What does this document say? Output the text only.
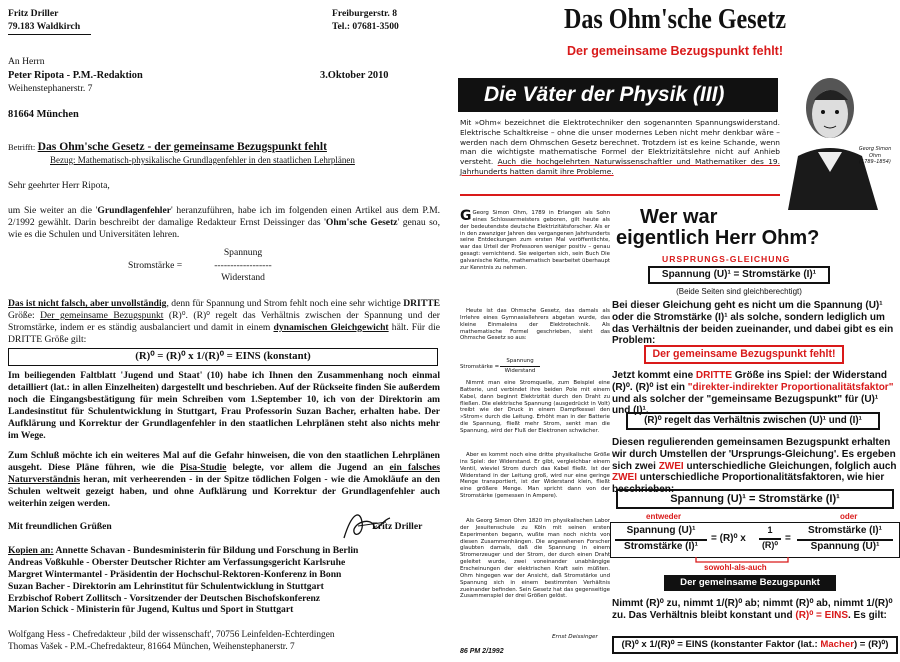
Fritz Driller
79.183 Waldkirch
Freiburgerstr. 8
Tel.: 07681-3500
An Herrn
Peter Ripota - P.M.-Redaktion	3.Oktober 2010
Weihenstephanerstr. 7
81664 München
Betrifft: Das Ohm'sche Gesetz - der gemeinsame Bezugspunkt fehlt
Bezug: Mathematisch-physikalische Grundlagenfehler in den staatlichen Lehrplänen
Sehr geehrter Herr Ripota,

um Sie weiter an die 'Grundlagenfehler' heranzuführen, habe ich im folgenden einen Artikel aus dem P.M. 2/1992 gewählt. Darin beschreibt der damalige Redakteur Ernst Deissinger das 'Ohm'sche Gesetz' genau so, wie es die Schulen und Universitäten lehren.

Stromstärke =
Spannung
------------------
Widerstand

Das ist nicht falsch, aber unvollständig, denn für Spannung und Strom fehlt noch eine sehr wichtige DRITTE Größe: Der gemeinsame Bezugspunkt (R)⁰. (R)⁰ regelt das Verhältnis zwischen der Spannung und der Stromstärke, indem er es ständig ausbalanciert und damit in einem dynamischen Gleichgewicht hält. Für die DRITTE Größe gilt:

(R)⁰ = (R)⁰ x 1/(R)⁰ = EINS (konstant)

Im beiliegenden Faltblatt 'Jugend und Staat' (10) habe ich Ihnen den Zusammenhang noch einmal detailliert (lat.: in allen Einzelheiten) dargestellt und beschrieben. Auf der Rückseite finden Sie außerdem noch die Eingangsbestätigung für mein Schreiben vom 1.September 10, ich von der Direktorin am Landesinstitut für Schulentwicklung in Stuttgart, Frau Professorin Suzan Bacher, erhalten habe. Der Aufklärung und Korrektur der Grundlagenfehler in den staatlichen Lehrplänen steht also nichts mehr im Wege.

Zum Schluß möchte ich ein weiteres Mal auf die Gefahr hinweisen, die von den staatlichen Lehrplänen ausgeht. Diese Pläne führen, wie die Pisa-Studie belegte, vor allem die Jugend an ein falsches Naturverständnis heran, mit verheerenden - in der Spitze tödlichen Folgen - wie die Amokläufe an den Schulen weltweit gezeigt haben, und ohne Aufklärung und Korrektur der Grundlagenfehler auch weiterhin zeigen werden.

Mit freundlichen Grüßen	Fritz Driller
Kopien an: Annette Schavan - Bundesministerin für Bildung und Forschung in Berlin
Andreas Voßkuhle - Oberster Deutscher Richter am Verfassungsgericht Karlsruhe
Margret Wintermantel - Präsidentin der Hochschul-Rektoren-Konferenz in Bonn
Suzan Bacher - Direktorin am Lehrinstitut für Schulentwicklung in Stuttgart
Erzbischof Robert Zollitsch - Vorsitzender der Deutschen Bischofskonferenz
Marion Schick - Ministerin für Jugend, Kultus und Sport in Stuttgart
Wolfgang Hess - Chefredakteur ‚bild der wissenschaft', 70756 Leinfelden-Echterdingen
Thomas Vašek - P.M.-Chefredakteur, 81664 München, Weihenstephanerstr. 7
Das Ohm'sche Gesetz
Der gemeinsame Bezugspunkt fehlt!
Die Väter der Physik (III)
Georg Simon
Ohm
(1789–1854)

Mit »Ohm« bezeichnet die Elektrotechniker den sogenannten Spannungswiderstand. Elektrische Schaltkreise – ohne die unser modernes Leben nicht mehr denkbar wäre – werden nach dem Ohmschen Gesetz berechnet. Trotzdem ist es keine Schande, wenn man die wichtigste mathematische Formel der Elektrizitätslehre nicht auf Anhieb versteht. Auch die hochgelehrten Naturwissenschaftler und Mathematiker des 19. Jahrhunderts hatten damit ihre Probleme.

G Georg Simon Ohm, 1789 in Erlangen als Sohn eines Schlossermeisters geboren, gilt heute als der bedeutendste deutsche Elektrizitätsforscher. Als er in den zwanziger Jahren des vergangenen Jahrhunderts seine Entdeckungen zum ersten Mal veröffentlichte, war das Urteil der Professoren weniger positiv – genau gesagt: vernichtend. Sie weigerten sich, sein Buch Die galvanische Kette, mathematisch bearbeitet überhaupt zur Kenntnis zu nehmen.

Heute ist das Ohmsche Gesetz, das damals als Irrlehre eines Gymnasiallehrers abgetan wurde, das kleine Einmaleins der Elektrotechnik. Als mathematische Formel geschrieben, sieht das Ohmsche Gesetz so aus:

Stromstärke =
Spannung
Widerstand

Nimmt man eine Stromquelle, zum Beispiel eine Batterie, und verbindet ihre beiden Pole mit einem Kabel, dann beginnt Elektrizität durch den Draht zu fließen. Die elektrische Spannung (ausgedrückt in Volt) treibt wie der Druck in einem Dampfkessel den »Strom« durch die Leitung. Erhöht man in der Batterie die Spannung, fließt mehr Strom, senkt man die Spannung, wird der Fluß der Elektronen schwächer.

Aber es kommt noch eine dritte physikalische Größe ins Spiel: der Widerstand. Er gibt, vergleichbar einem Ventil, wieviel Strom durch das Kabel fließt. Ist der Widerstand in der Leitung groß, wird nur eine geringe Menge transportiert, ist der Widerstand klein, fließt eine größere Menge. Man spricht dann von der Stromstärke (gemessen in Ampere).

Als Georg Simon Ohm 1820 im physikalischen Labor der Jesuitenschule zu Köln mit seinen ersten Experimenten begann, wußte man noch nichts von diesen Zusammenhängen. Die angesehenen Forscher glaubten damals, daß die Spannung in einem Stromerzeuger und der Strom, der durch einen Draht geleitet wurde, zwei voneinander unabhängige Erscheinungen der elektrischen Kraft sein müßten. Ohm hingegen war der Ansicht, daß Stromstärke und Spannung sich in einem bestimmten Verhältnis zueinander befinden. Sein Gesetz hat das gegenseitige Zusammenspiel der drei Größen gelöst.

Ernst Deissinger
86 PM 2/1992
Wer war
eigentlich Herr Ohm?
URSPRUNGS-GLEICHUNG
Spannung (U)¹ = Stromstärke (I)¹
(Beide Seiten sind gleichberechtigt)

Bei dieser Gleichung geht es nicht um die Spannung (U)¹ oder die Stromstärke (I)¹ als solche, sondern lediglich um das Verhältnis der beiden zueinander, und dabei gibt es ein Problem:

Der gemeinsame Bezugspunkt fehlt!

Jetzt kommt eine DRITTE Größe ins Spiel: der Widerstand (R)⁰. (R)⁰ ist ein "direkter-indirekter Proportionalitätsfaktor" und als solcher der "gemeinsame Bezugspunkt" für (U)¹ und (I)¹.

(R)⁰ regelt das Verhältnis zwischen (U)¹ und (I)¹

Diesen regulierenden gemeinsamen Bezugspunkt erhalten wir durch Umstellen der 'Ursprungs-Gleichung'. Es ergeben sich zwei ZWEI unterschiedliche Gleichungen, folglich auch ZWEI unterschiedliche Proportionalitätsfaktoren, wie hier beschrieben:

Spannung (U)¹ = Stromstärke (I)¹
entweder	oder
Spannung (U)¹
Stromstärke (I)¹
= (R)⁰ x
1
(R)⁰
=
Stromstärke (I)¹
Spannung (U)¹
sowohl-als-auch
Der gemeinsame Bezugspunkt

Nimmt (R)⁰ zu, nimmt 1/(R)⁰ ab; nimmt (R)⁰ ab, nimmt 1/(R)⁰ zu. Das Verhältnis bleibt konstant und (R)⁰ = EINS. Es gilt:

(R)⁰ x 1/(R)⁰ = EINS (konstanter Faktor (lat.: Macher) = (R)⁰)
